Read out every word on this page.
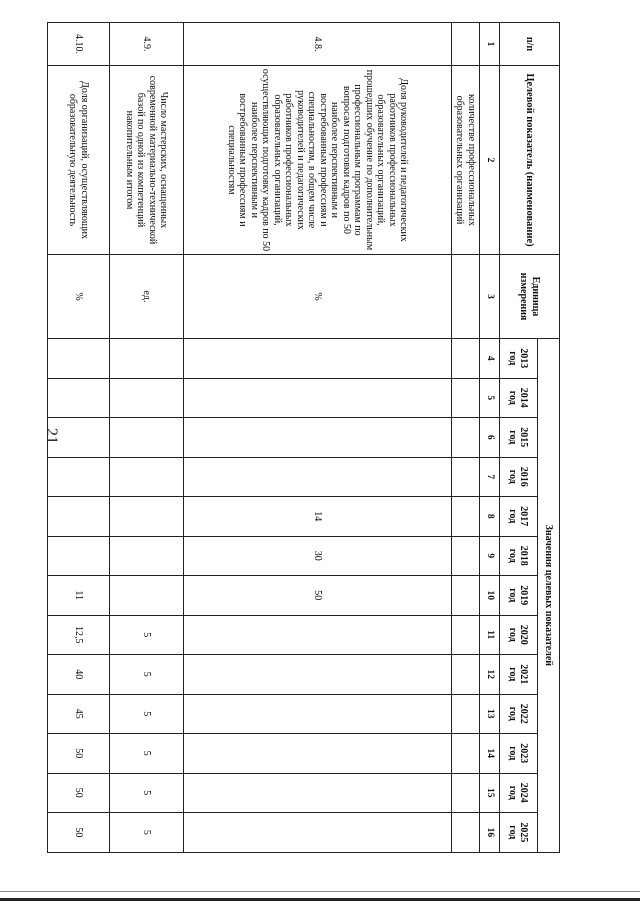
21
п/п	Целевой показатель (наименование)	Единица измерения	Значения целевых показателей												
			2013 год	2014 год	2015 год	2016 год	2017 год	2018 год	2019 год	2020 год	2021 год	2022 год	2023 год	2024 год	2025 год
1	2	3	4	5	6	7	8	9	10	11	12	13	14	15	16
	количестве профессиональных образовательных организаций														
4.8.	Доля руководителей и педагогических работников профессиональных образовательных организаций, прошедших обучение по дополнительным профессиональным программам по вопросам подготовки кадров по 50 наиболее перспективным и востребованным профессиям и специальностям, в общем числе руководителей и педагогических работников профессиональных образовательных организаций, осуществляющих подготовку кадров по 50 наиболее перспективным и востребованным профессиям и специальностям	%					14	30	50						
4.9.	Число мастерских, оснащенных современной материально-технической базой по одной из компетенций накопительным итогом	ед.								5	5	5	5	5	5
4.10.	Доля организаций, осуществляющих образовательную деятельность	%							11	12,5	40	45	50	50	50
